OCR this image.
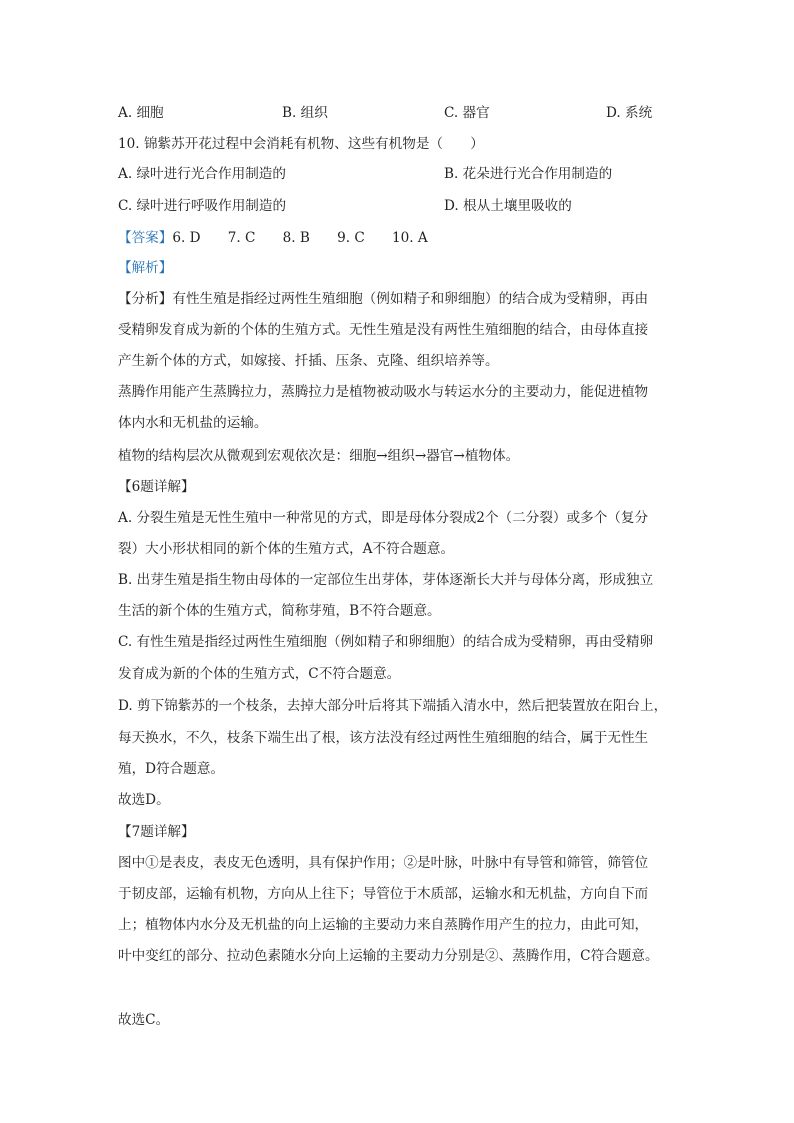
A. 细胞	B. 组织	C. 器官	D. 系统
10. 锦紫苏开花过程中会消耗有机物、这些有机物是（　　）
A. 绿叶进行光合作用制造的	B. 花朵进行光合作用制造的
C. 绿叶进行呼吸作用制造的	D. 根从土壤里吸收的
【答案】6. D　　7. C　　8. B　　9. C　　10. A
【解析】
【分析】有性生殖是指经过两性生殖细胞（例如精子和卵细胞）的结合成为受精卵，再由
受精卵发育成为新的个体的生殖方式。无性生殖是没有两性生殖细胞的结合，由母体直接
产生新个体的方式，如嫁接、扦插、压条、克隆、组织培养等。
蒸腾作用能产生蒸腾拉力，蒸腾拉力是植物被动吸水与转运水分的主要动力，能促进植物
体内水和无机盐的运输。
植物的结构层次从微观到宏观依次是：细胞→组织→器官→植物体。
【6题详解】
A. 分裂生殖是无性生殖中一种常见的方式，即是母体分裂成2个（二分裂）或多个（复分
裂）大小形状相同的新个体的生殖方式，A不符合题意。
B. 出芽生殖是指生物由母体的一定部位生出芽体，芽体逐渐长大并与母体分离，形成独立
生活的新个体的生殖方式，简称芽殖，B不符合题意。
C. 有性生殖是指经过两性生殖细胞（例如精子和卵细胞）的结合成为受精卵，再由受精卵
发育成为新的个体的生殖方式，C不符合题意。
D. 剪下锦紫苏的一个枝条，去掉大部分叶后将其下端插入清水中，然后把装置放在阳台上，
每天换水，不久，枝条下端生出了根，该方法没有经过两性生殖细胞的结合，属于无性生
殖，D符合题意。
故选D。
【7题详解】
图中①是表皮，表皮无色透明，具有保护作用；②是叶脉，叶脉中有导管和筛管，筛管位
于韧皮部，运输有机物，方向从上往下；导管位于木质部，运输水和无机盐，方向自下而
上；植物体内水分及无机盐的向上运输的主要动力来自蒸腾作用产生的拉力，由此可知，
叶中变红的部分、拉动色素随水分向上运输的主要动力分别是②、蒸腾作用，C符合题意。
故选C。
